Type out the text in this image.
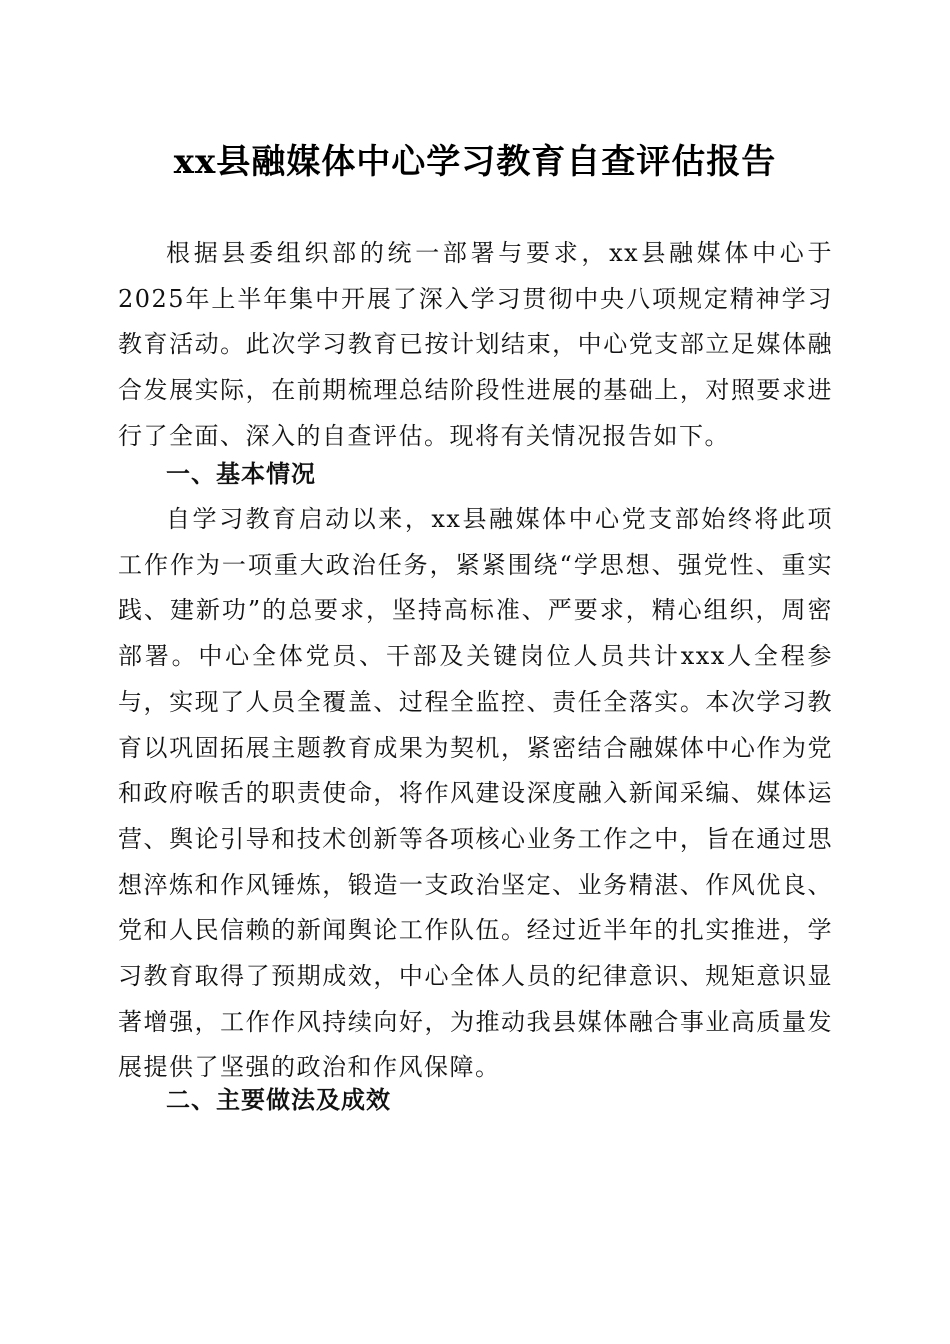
xx县融媒体中心学习教育自查评估报告

根据县委组织部的统一部署与要求，xx县融媒体中心于2025年上半年集中开展了深入学习贯彻中央八项规定精神学习教育活动。此次学习教育已按计划结束，中心党支部立足媒体融合发展实际，在前期梳理总结阶段性进展的基础上，对照要求进行了全面、深入的自查评估。现将有关情况报告如下。

一、基本情况

自学习教育启动以来，xx县融媒体中心党支部始终将此项工作作为一项重大政治任务，紧紧围绕“学思想、强党性、重实践、建新功”的总要求，坚持高标准、严要求，精心组织，周密部署。中心全体党员、干部及关键岗位人员共计xxx人全程参与，实现了人员全覆盖、过程全监控、责任全落实。本次学习教育以巩固拓展主题教育成果为契机，紧密结合融媒体中心作为党和政府喉舌的职责使命，将作风建设深度融入新闻采编、媒体运营、舆论引导和技术创新等各项核心业务工作之中，旨在通过思想淬炼和作风锤炼，锻造一支政治坚定、业务精湛、作风优良、党和人民信赖的新闻舆论工作队伍。经过近半年的扎实推进，学习教育取得了预期成效，中心全体人员的纪律意识、规矩意识显著增强，工作作风持续向好，为推动我县媒体融合事业高质量发展提供了坚强的政治和作风保障。

二、主要做法及成效
